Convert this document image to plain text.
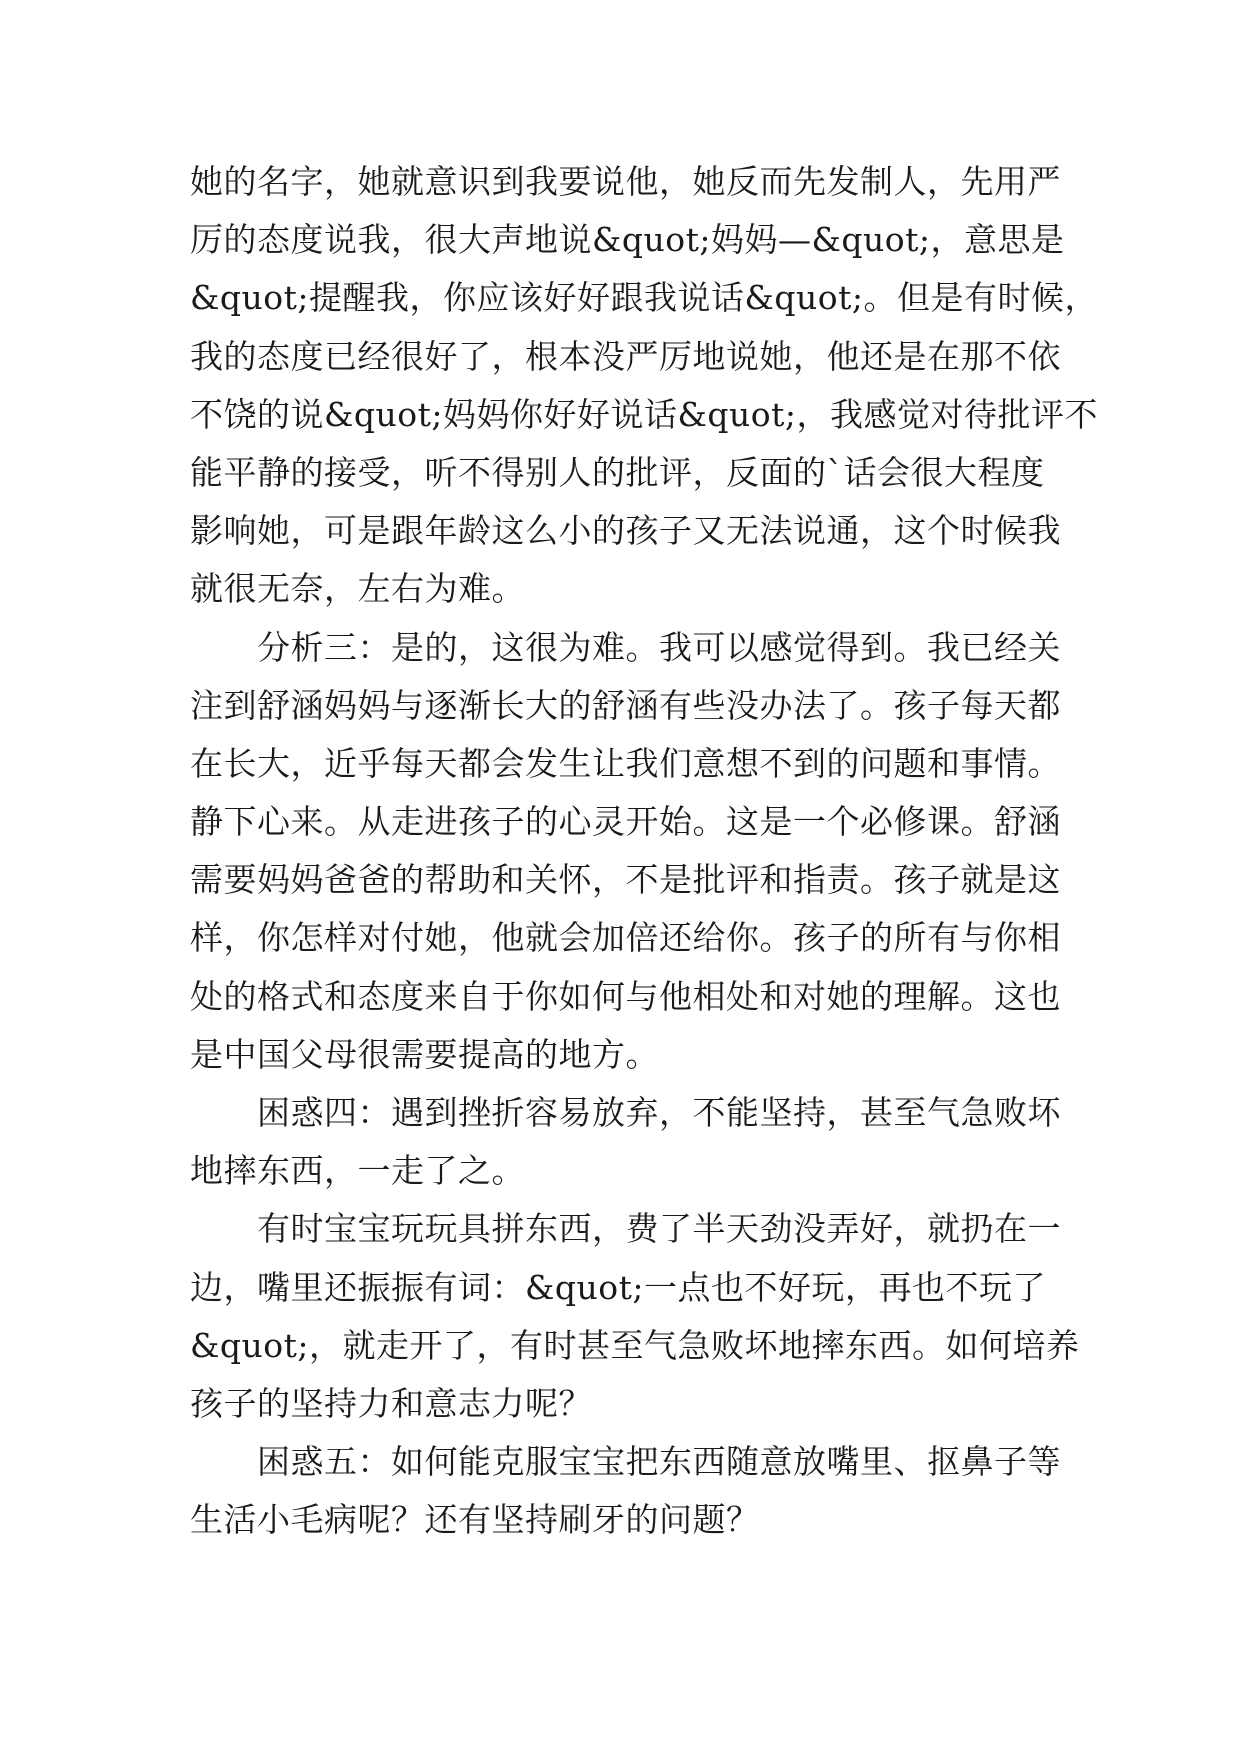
她的名字，她就意识到我要说他，她反而先发制人，先用严
厉的态度说我，很大声地说&quot;妈妈—&quot;，意思是
&quot;提醒我，你应该好好跟我说话&quot;。但是有时候，
我的态度已经很好了，根本没严厉地说她，他还是在那不依
不饶的说&quot;妈妈你好好说话&quot;，我感觉对待批评不
能平静的接受，听不得别人的批评，反面的`话会很大程度
影响她，可是跟年龄这么小的孩子又无法说通，这个时候我
就很无奈，左右为难。
　　分析三：是的，这很为难。我可以感觉得到。我已经关
注到舒涵妈妈与逐渐长大的舒涵有些没办法了。孩子每天都
在长大，近乎每天都会发生让我们意想不到的问题和事情。
静下心来。从走进孩子的心灵开始。这是一个必修课。舒涵
需要妈妈爸爸的帮助和关怀，不是批评和指责。孩子就是这
样，你怎样对付她，他就会加倍还给你。孩子的所有与你相
处的格式和态度来自于你如何与他相处和对她的理解。这也
是中国父母很需要提高的地方。
　　困惑四：遇到挫折容易放弃，不能坚持，甚至气急败坏
地摔东西，一走了之。
　　有时宝宝玩玩具拼东西，费了半天劲没弄好，就扔在一
边，嘴里还振振有词：&quot;一点也不好玩，再也不玩了
&quot;，就走开了，有时甚至气急败坏地摔东西。如何培养
孩子的坚持力和意志力呢？
　　困惑五：如何能克服宝宝把东西随意放嘴里、抠鼻子等
生活小毛病呢？还有坚持刷牙的问题？
